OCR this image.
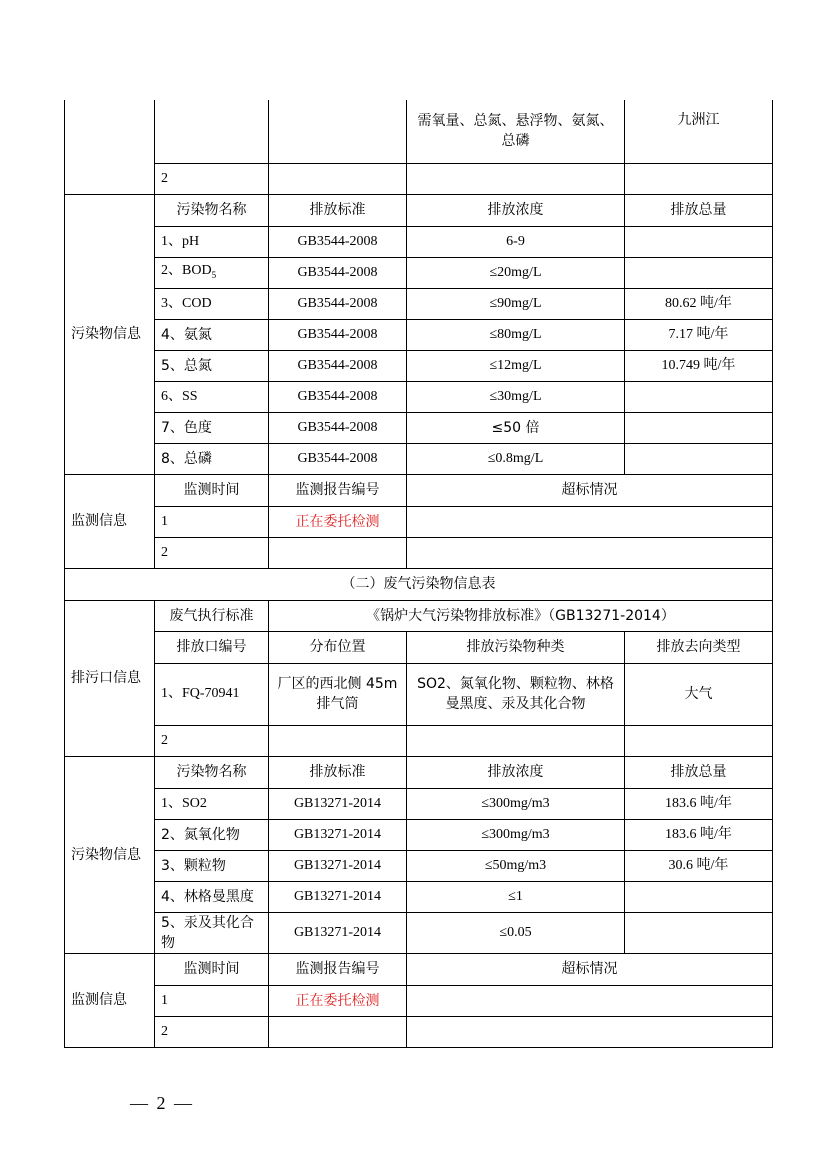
			需氧量、总氮、悬浮物、氨氮、总磷	九洲江
	2			
污染物信息	污染物名称	排放标准	排放浓度	排放总量
	1、pH	GB3544-2008	6-9	
	2、$BOD_5$	GB3544-2008	≤20mg/L	
	3、COD	GB3544-2008	≤90mg/L	80.62 吨/年
	4、氨氮	GB3544-2008	≤80mg/L	7.17 吨/年
	5、总氮	GB3544-2008	≤12mg/L	10.749 吨/年
	6、SS	GB3544-2008	≤30mg/L	
	7、色度	GB3544-2008	≤50 倍	
	8、总磷	GB3544-2008	≤0.8mg/L	
监测信息	监测时间	监测报告编号	超标情况	
	1	正在委托检测		
	2			
（二）废气污染物信息表				
排污口信息	废气执行标准	《锅炉大气污染物排放标准》（GB13271-2014）		
	排放口编号	分布位置	排放污染物种类	排放去向类型
	1、FQ-70941	厂区的西北侧 45m 排气筒	SO2、氮氧化物、颗粒物、林格曼黑度、汞及其化合物	大气
	2			
污染物信息	污染物名称	排放标准	排放浓度	排放总量
	1、SO2	GB13271-2014	≤300mg/m3	183.6 吨/年
	2、氮氧化物	GB13271-2014	≤300mg/m3	183.6 吨/年
	3、颗粒物	GB13271-2014	≤50mg/m3	30.6 吨/年
	4、林格曼黑度	GB13271-2014	≤1	
	5、汞及其化合物	GB13271-2014	≤0.05	
监测信息	监测时间	监测报告编号	超标情况	
	1	正在委托检测		
	2			
— 2 —
